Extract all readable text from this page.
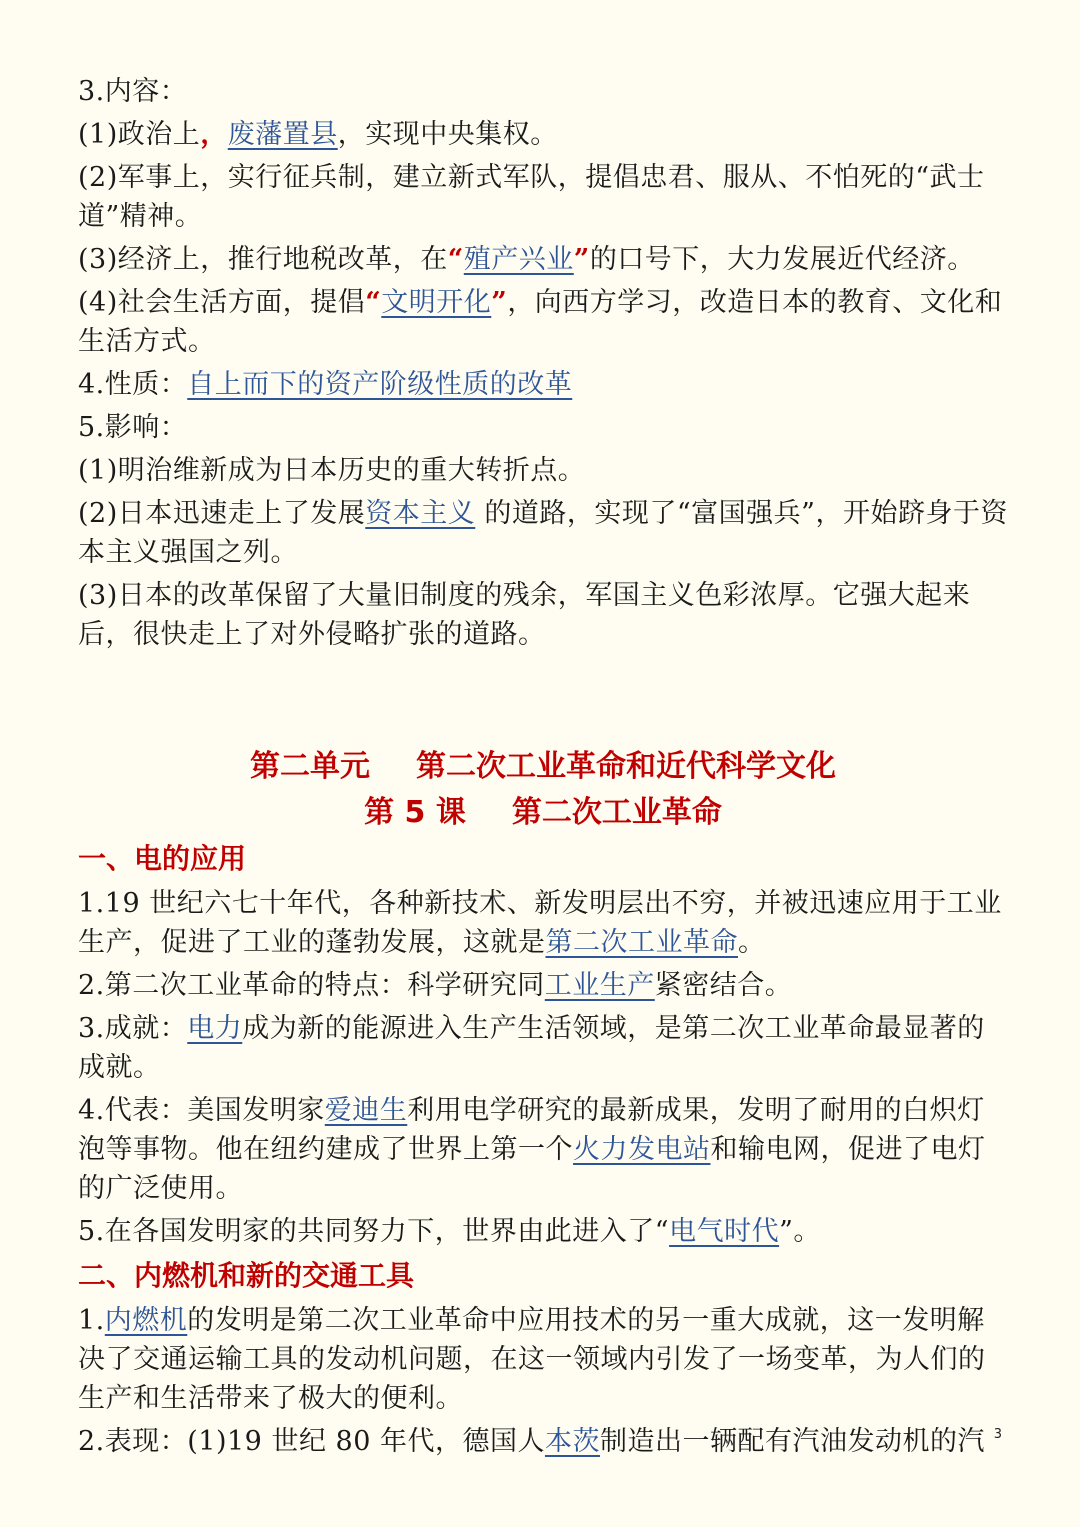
3.内容：

(1)政治上，废藩置县，实现中央集权。

(2)军事上，实行征兵制，建立新式军队，提倡忠君、服从、不怕死的“武士道”精神。

(3)经济上，推行地税改革，在“殖产兴业”的口号下，大力发展近代经济。

(4)社会生活方面，提倡“文明开化”，向西方学习，改造日本的教育、文化和生活方式。

4.性质：自上而下的资产阶级性质的改革

5.影响：

(1)明治维新成为日本历史的重大转折点。

(2)日本迅速走上了发展资本主义 的道路，实现了“富国强兵”，开始跻身于资本主义强国之列。

(3)日本的改革保留了大量旧制度的残余，军国主义色彩浓厚。它强大起来后，很快走上了对外侵略扩张的道路。

第二单元 第二次工业革命和近代科学文化
第 5 课 第二次工业革命
一、电的应用

1.19 世纪六七十年代，各种新技术、新发明层出不穷，并被迅速应用于工业生产，促进了工业的蓬勃发展，这就是第二次工业革命。

2.第二次工业革命的特点：科学研究同工业生产紧密结合。

3.成就：电力成为新的能源进入生产生活领域，是第二次工业革命最显著的成就。

4.代表：美国发明家爱迪生利用电学研究的最新成果，发明了耐用的白炽灯泡等事物。他在纽约建成了世界上第一个火力发电站和输电网，促进了电灯的广泛使用。

5.在各国发明家的共同努力下，世界由此进入了“电气时代”。

二、内燃机和新的交通工具

1.内燃机的发明是第二次工业革命中应用技术的另一重大成就，这一发明解决了交通运输工具的发动机问题，在这一领域内引发了一场变革，为人们的生产和生活带来了极大的便利。

2.表现：(1)19 世纪 80 年代，德国人本茨制造出一辆配有汽油发动机的汽 3
